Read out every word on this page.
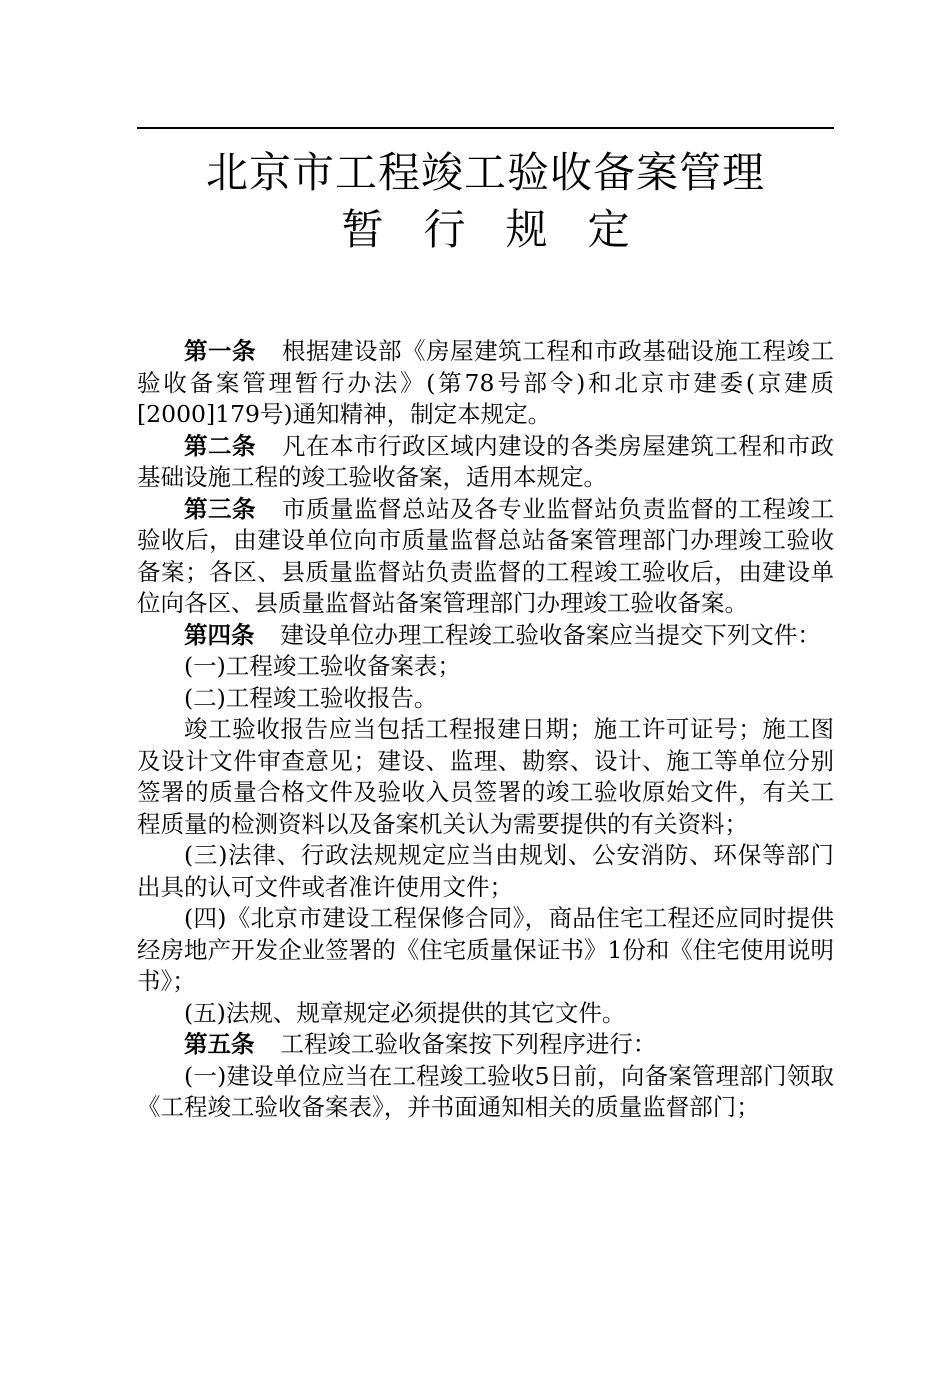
北京市工程竣工验收备案管理
暂行规定

第一条 根据建设部《房屋建筑工程和市政基础设施工程竣工验收备案管理暂行办法》(第78号部令)和北京市建委(京建质[2000]179号)通知精神，制定本规定。

第二条 凡在本市行政区域内建设的各类房屋建筑工程和市政基础设施工程的竣工验收备案，适用本规定。

第三条 市质量监督总站及各专业监督站负责监督的工程竣工验收后，由建设单位向市质量监督总站备案管理部门办理竣工验收备案；各区、县质量监督站负责监督的工程竣工验收后，由建设单位向各区、县质量监督站备案管理部门办理竣工验收备案。

第四条 建设单位办理工程竣工验收备案应当提交下列文件：

(一)工程竣工验收备案表；

(二)工程竣工验收报告。

竣工验收报告应当包括工程报建日期；施工许可证号；施工图及设计文件审查意见；建设、监理、勘察、设计、施工等单位分别签署的质量合格文件及验收入员签署的竣工验收原始文件，有关工程质量的检测资料以及备案机关认为需要提供的有关资料；

(三)法律、行政法规规定应当由规划、公安消防、环保等部门出具的认可文件或者准许使用文件；

(四)《北京市建设工程保修合同》，商品住宅工程还应同时提供经房地产开发企业签署的《住宅质量保证书》1份和《住宅使用说明书》；

(五)法规、规章规定必须提供的其它文件。

第五条 工程竣工验收备案按下列程序进行：

(一)建设单位应当在工程竣工验收5日前，向备案管理部门领取《工程竣工验收备案表》，并书面通知相关的质量监督部门；
